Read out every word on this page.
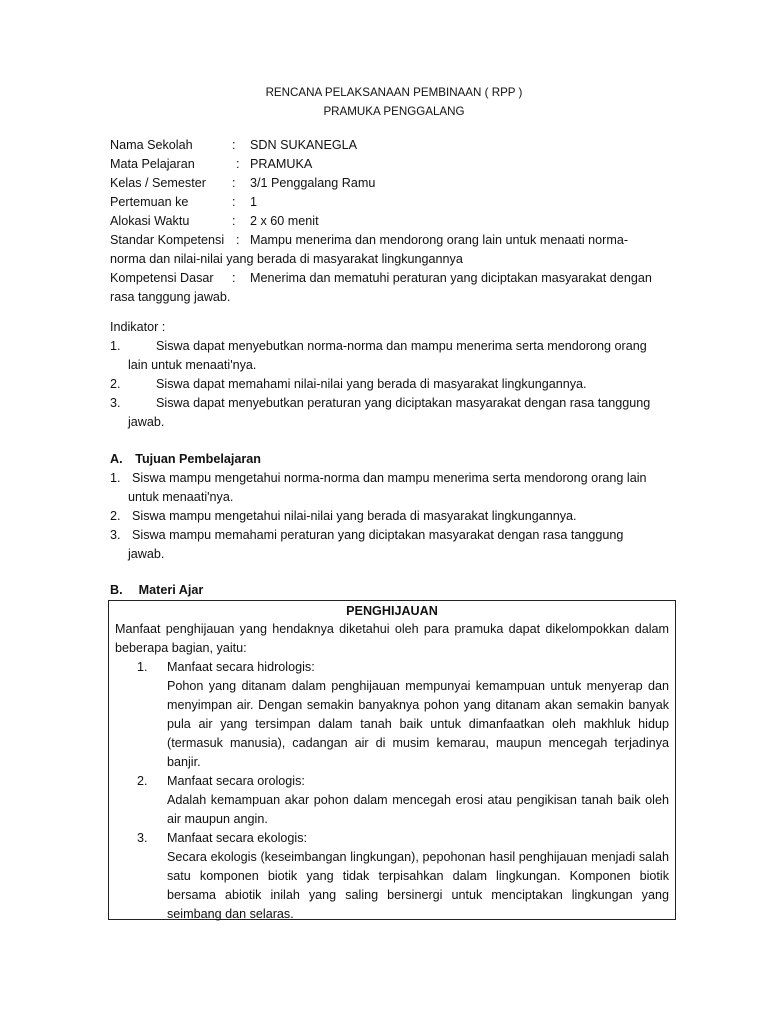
RENCANA PELAKSANAAN PEMBINAAN ( RPP )
PRAMUKA PENGGALANG
Nama Sekolah	:	SDN SUKANEGLA
Mata Pelajaran	: PRAMUKA
Kelas / Semester	:	3/1 Penggalang Ramu
Pertemuan ke	:	1
Alokasi Waktu	:	2 x 60 menit
Standar Kompetensi : Mampu menerima dan mendorong orang lain untuk menaati norma-
norma dan nilai-nilai yang berada di masyarakat lingkungannya
Kompetensi Dasar	:	Menerima dan mematuhi peraturan yang diciptakan masyarakat dengan
rasa tanggung jawab.
Indikator :
1.	Siswa dapat menyebutkan norma-norma dan mampu menerima serta mendorong orang
lain untuk menaati'nya.
2.	Siswa dapat memahami nilai-nilai yang berada di masyarakat lingkungannya.
3.	Siswa dapat menyebutkan peraturan yang diciptakan masyarakat dengan rasa tanggung
jawab.
A. Tujuan Pembelajaran
1. Siswa mampu mengetahui norma-norma dan mampu menerima serta mendorong orang lain
untuk menaati'nya.
2. Siswa mampu mengetahui nilai-nilai yang berada di masyarakat lingkungannya.
3. Siswa mampu memahami peraturan yang diciptakan masyarakat dengan rasa tanggung
jawab.
B.  Materi Ajar
PENGHIJAUAN
Manfaat penghijauan yang hendaknya diketahui oleh para pramuka dapat dikelompokkan dalam beberapa bagian, yaitu:
1.	Manfaat secara hidrologis:
Pohon yang ditanam dalam penghijauan mempunyai kemampuan untuk menyerap dan menyimpan air. Dengan semakin banyaknya pohon yang ditanam akan semakin banyak pula air yang tersimpan dalam tanah baik untuk dimanfaatkan oleh makhluk hidup (termasuk manusia), cadangan air di musim kemarau, maupun mencegah terjadinya banjir.
2.	Manfaat secara orologis:
Adalah kemampuan akar pohon dalam mencegah erosi atau pengikisan tanah baik oleh air maupun angin.
3.	Manfaat secara ekologis:
Secara ekologis (keseimbangan lingkungan), pepohonan hasil penghijauan menjadi salah satu komponen biotik yang tidak terpisahkan dalam lingkungan. Komponen biotik bersama abiotik inilah yang saling bersinergi untuk menciptakan lingkungan yang seimbang dan selaras.
